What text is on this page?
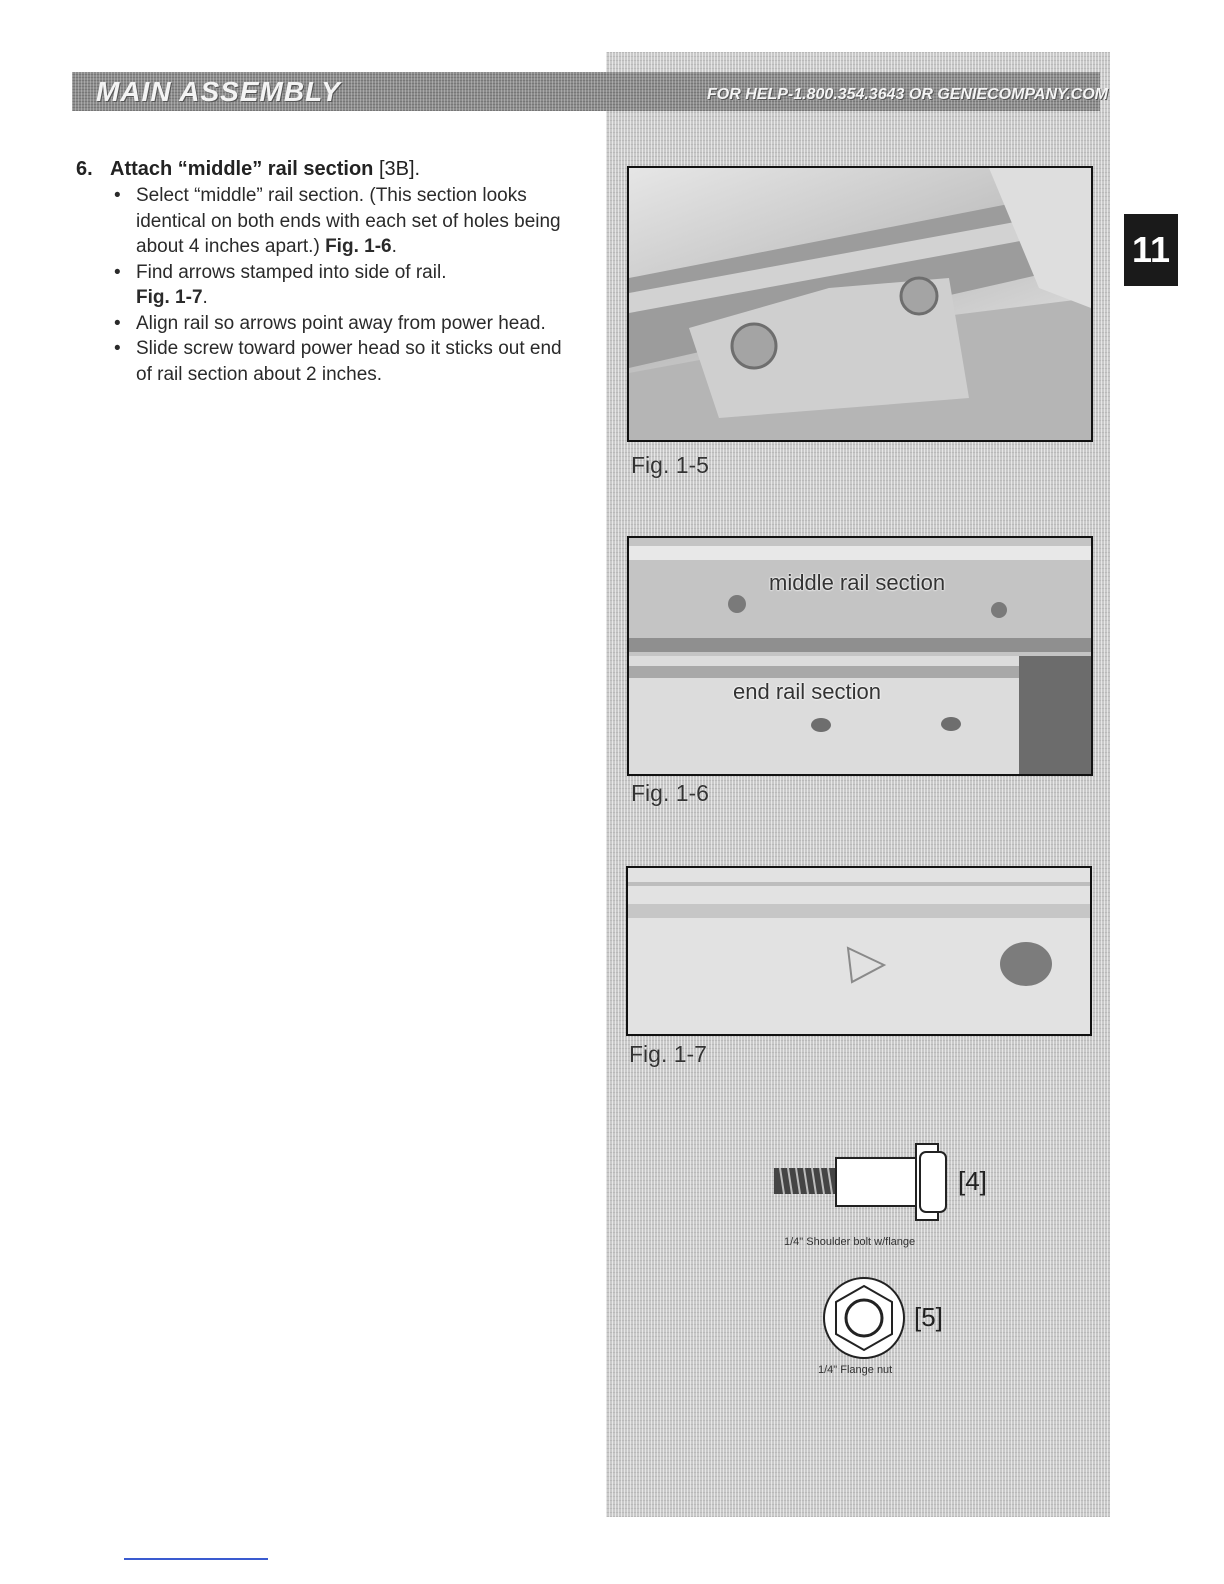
MAIN ASSEMBLY	FOR HELP-1.800.354.3643 OR GENIECOMPANY.COM
11
6. Attach “middle” rail section [3B].
• Select “middle” rail section. (This section looks identical on both ends with each set of holes being about 4 inches apart.) Fig. 1-6.
• Find arrows stamped into side of rail.
Fig. 1-7.
• Align rail so arrows point away from power head.
• Slide screw toward power head so it sticks out end of rail section about 2 inches.
Fig. 1-5
middle rail section
end rail section
Fig. 1-6
Fig. 1-7
[4]
1/4" Shoulder bolt w/flange
[5]
1/4" Flange nut
